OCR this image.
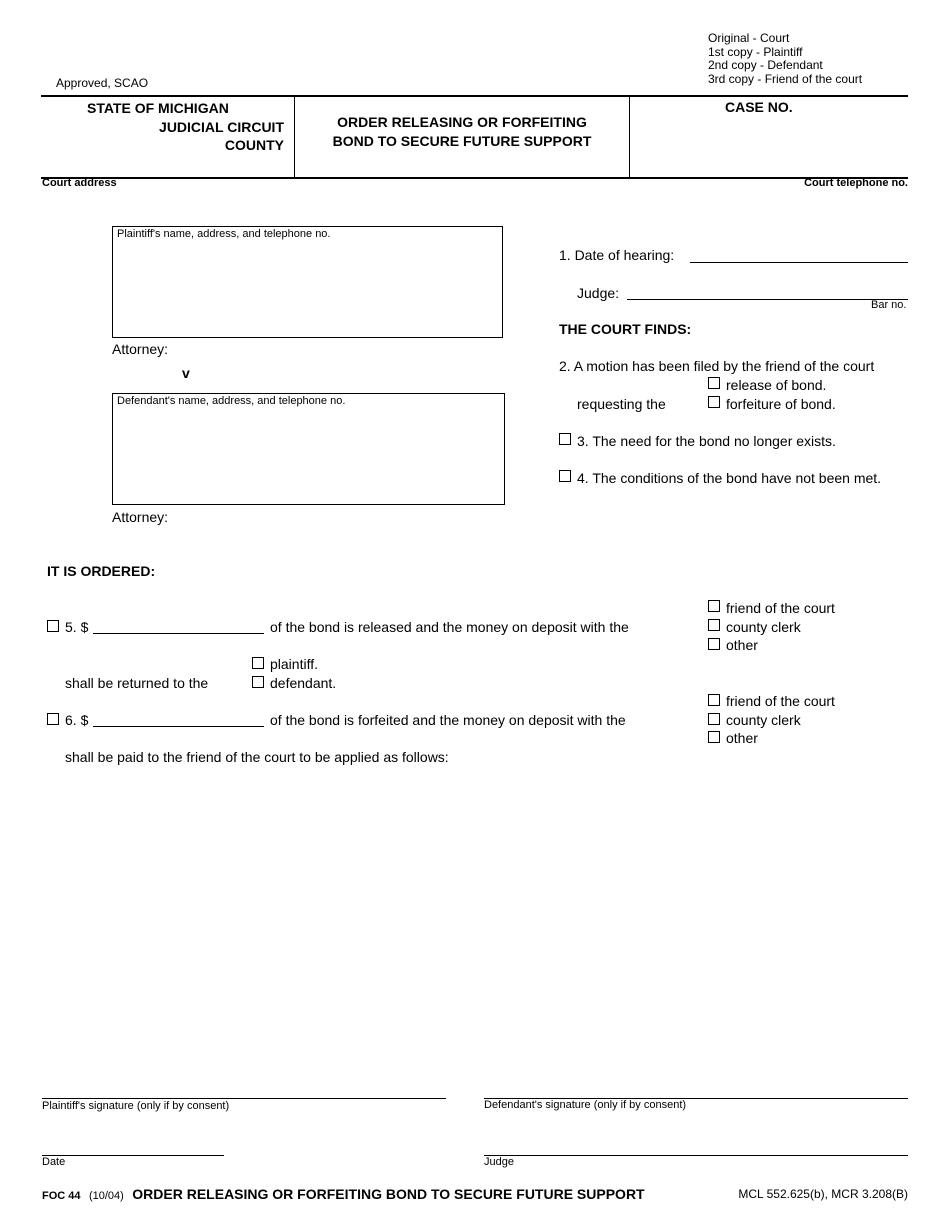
Approved, SCAO
Original - Court
1st copy - Plaintiff
2nd copy - Defendant
3rd copy - Friend of the court
STATE OF MICHIGAN
JUDICIAL CIRCUIT
COUNTY
ORDER RELEASING OR FORFEITING
BOND TO SECURE FUTURE SUPPORT
CASE NO.
Court address	Court telephone no.
Plaintiff's name, address, and telephone no.
Attorney:
v
Defendant's name, address, and telephone no.
Attorney:
1. Date of hearing:
Judge:
Bar no.
THE COURT FINDS:
2. A motion has been filed by the friend of the court
requesting the
release of bond.
forfeiture of bond.
3. The need for the bond no longer exists.
4. The conditions of the bond have not been met.
IT IS ORDERED:
5. $	of the bond is released and the money on deposit with the
friend of the court
county clerk
other
plaintiff.
shall be returned to the	defendant.
friend of the court
6. $	of the bond is forfeited and the money on deposit with the	county clerk
other
shall be paid to the friend of the court to be applied as follows:
Plaintiff's signature (only if by consent)	Defendant's signature (only if by consent)
Date	Judge
FOC 44 (10/04) ORDER RELEASING OR FORFEITING BOND TO SECURE FUTURE SUPPORT	MCL 552.625(b), MCR 3.208(B)
